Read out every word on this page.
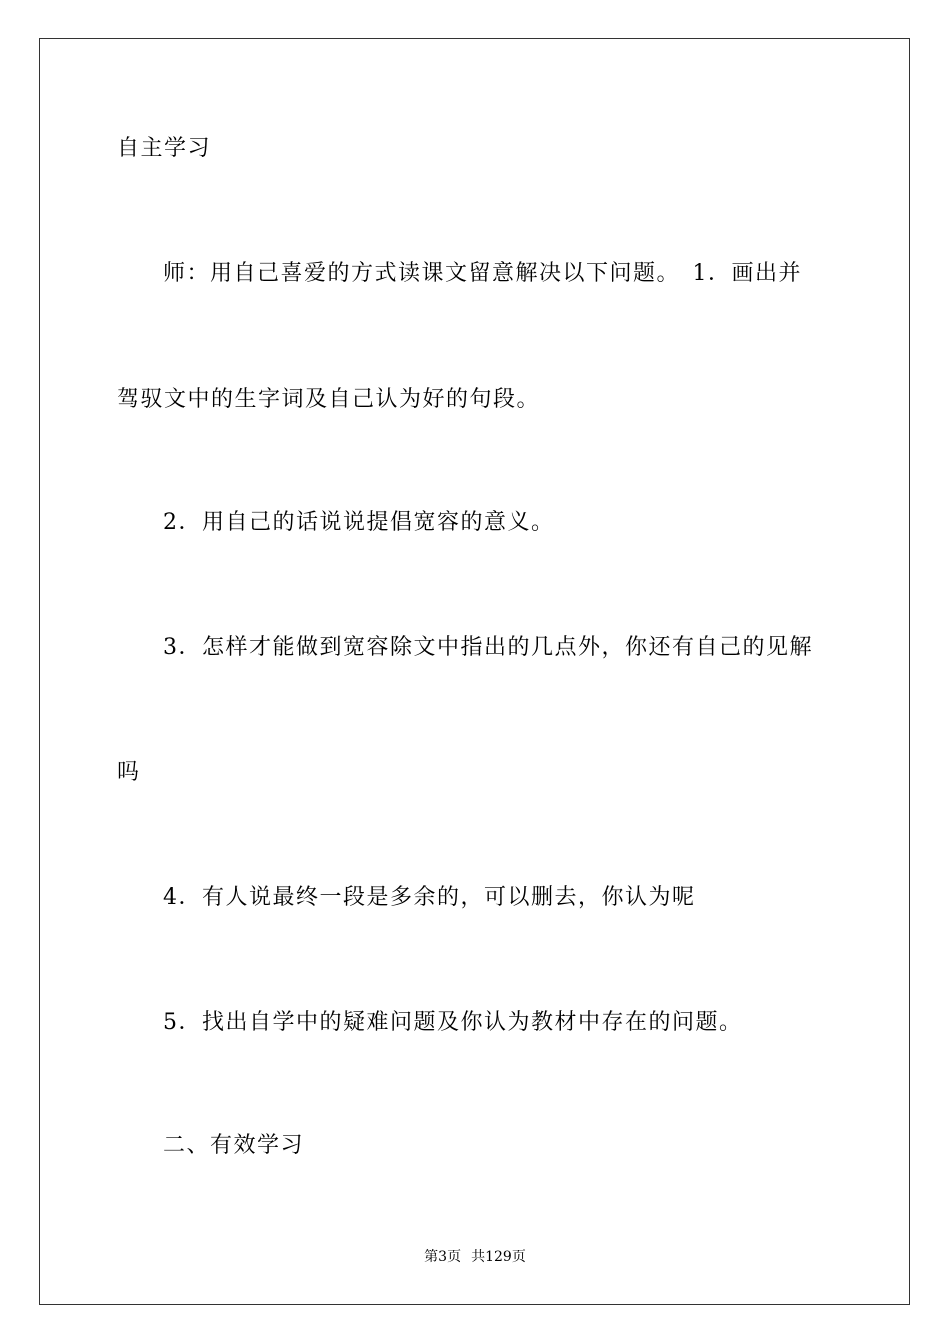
自主学习
师：用自己喜爱的方式读课文留意解决以下问题。　1．画出并
驾驭文中的生字词及自己认为好的句段。
2．用自己的话说说提倡宽容的意义。
3．怎样才能做到宽容除文中指出的几点外，你还有自己的见解
吗
4．有人说最终一段是多余的，可以删去，你认为呢
5．找出自学中的疑难问题及你认为教材中存在的问题。
二、有效学习
第3页 共129页
